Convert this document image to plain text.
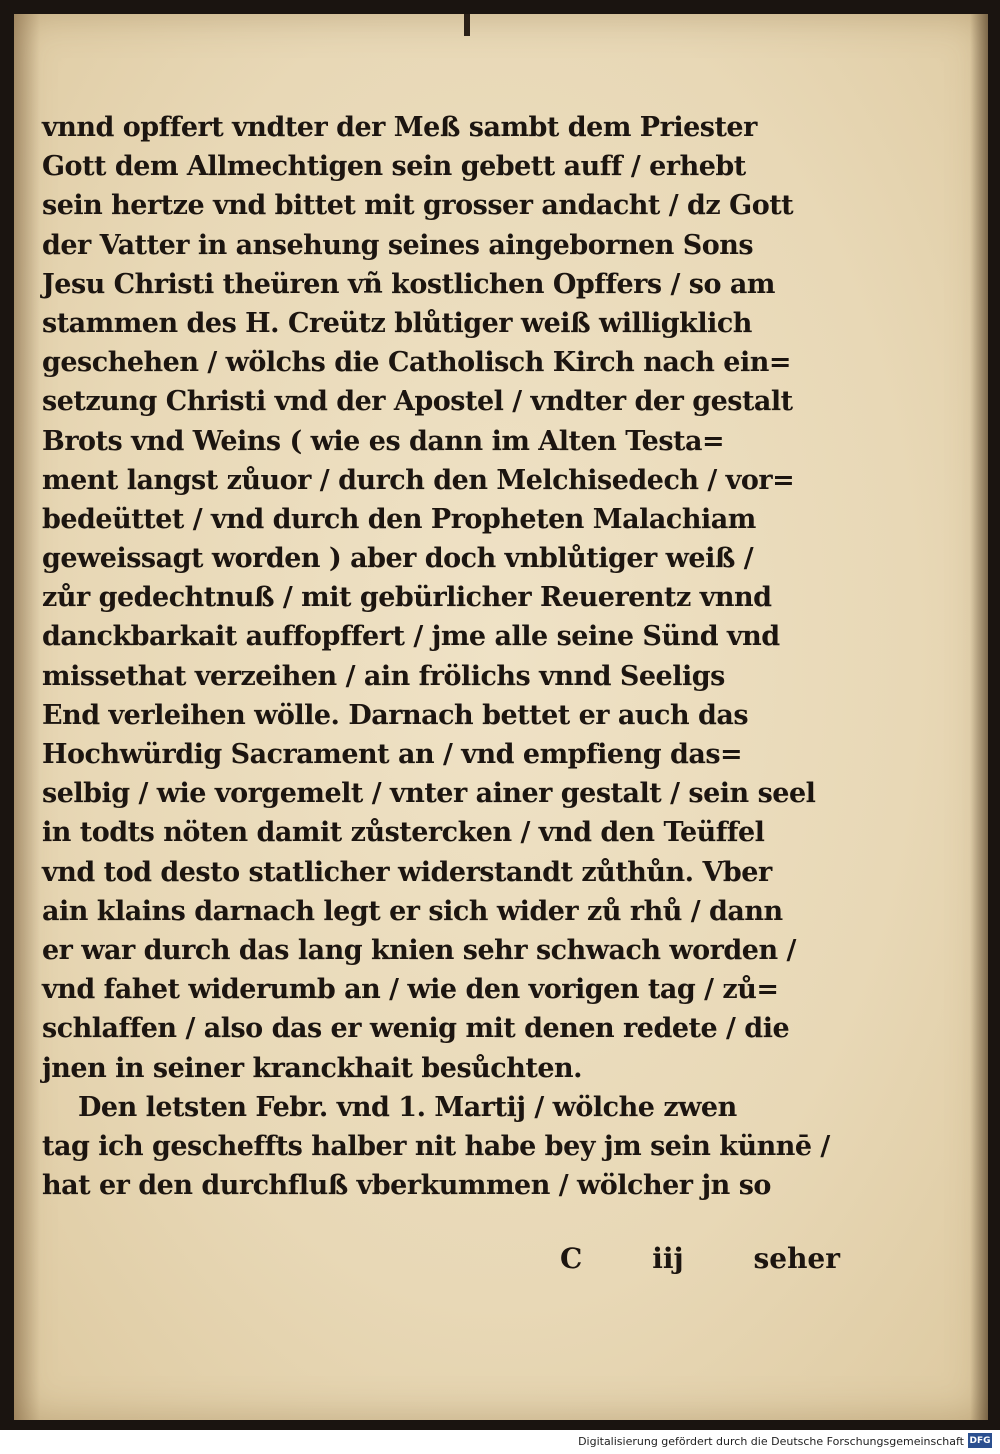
vnnd opffert vndter der Meß sambt dem Priester
Gott dem Allmechtigen sein gebett auff / erhebt
sein hertze vnd bittet mit grosser andacht / dz Gott
der Vatter in ansehung seines aingebornen Sons
Jesu Christi theüren vñ kostlichen Opffers / so am
stammen des H. Creütz blůtiger weiß willigklich
geschehen / wölchs die Catholisch Kirch nach ein=
setzung Christi vnd der Apostel / vndter der gestalt
Brots vnd Weins ( wie es dann im Alten Testa=
ment langst zůuor / durch den Melchisedech / vor=
bedeüttet / vnd durch den Propheten Malachiam
geweissagt worden ) aber doch vnblůtiger weiß /
zůr gedechtnuß / mit gebürlicher Reuerentz vnnd
danckbarkait auffopffert / jme alle seine Sünd vnd
missethat verzeihen / ain frölichs vnnd Seeligs
End verleihen wölle. Darnach bettet er auch das
Hochwürdig Sacrament an / vnd empfieng das=
selbig / wie vorgemelt / vnter ainer gestalt / sein seel
in todts nöten damit zůstercken / vnd den Teüffel
vnd tod desto statlicher widerstandt zůthůn. Vber
ain klains darnach legt er sich wider zů rhů / dann
er war durch das lang knien sehr schwach worden /
vnd fahet widerumb an / wie den vorigen tag / zů=
schlaffen / also das er wenig mit denen redete / die
jnen in seiner kranckhait besůchten.
Den letsten Febr. vnd 1. Martij / wölche zwen
tag ich gescheffts halber nit habe bey jm sein künnē /
hat er den durchfluß vberkummen / wölcher jn so
C iij seher
Digitalisierung gefördert durch die Deutsche Forschungsgemeinschaft DFG
